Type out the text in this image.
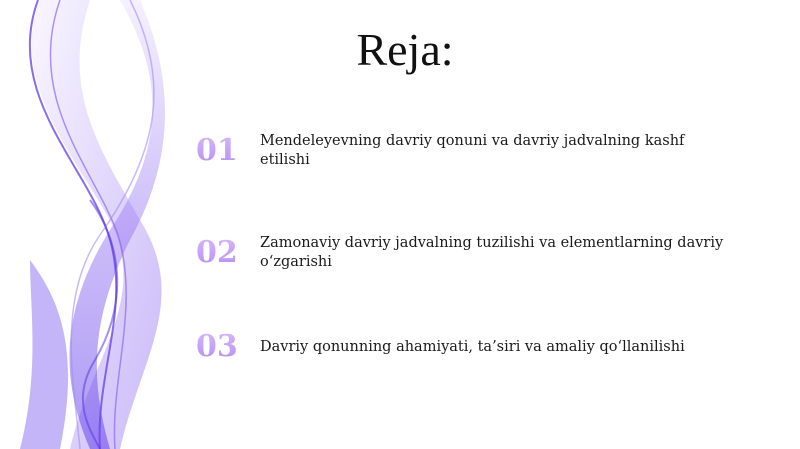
Reja:
01	Mendeleyevning davriy qonuni va davriy jadvalning kashf etilishi
02	Zamonaviy davriy jadvalning tuzilishi va elementlarning davriy o‘zgarishi
03	Davriy qonunning ahamiyati, ta’siri va amaliy qo‘llanilishi
